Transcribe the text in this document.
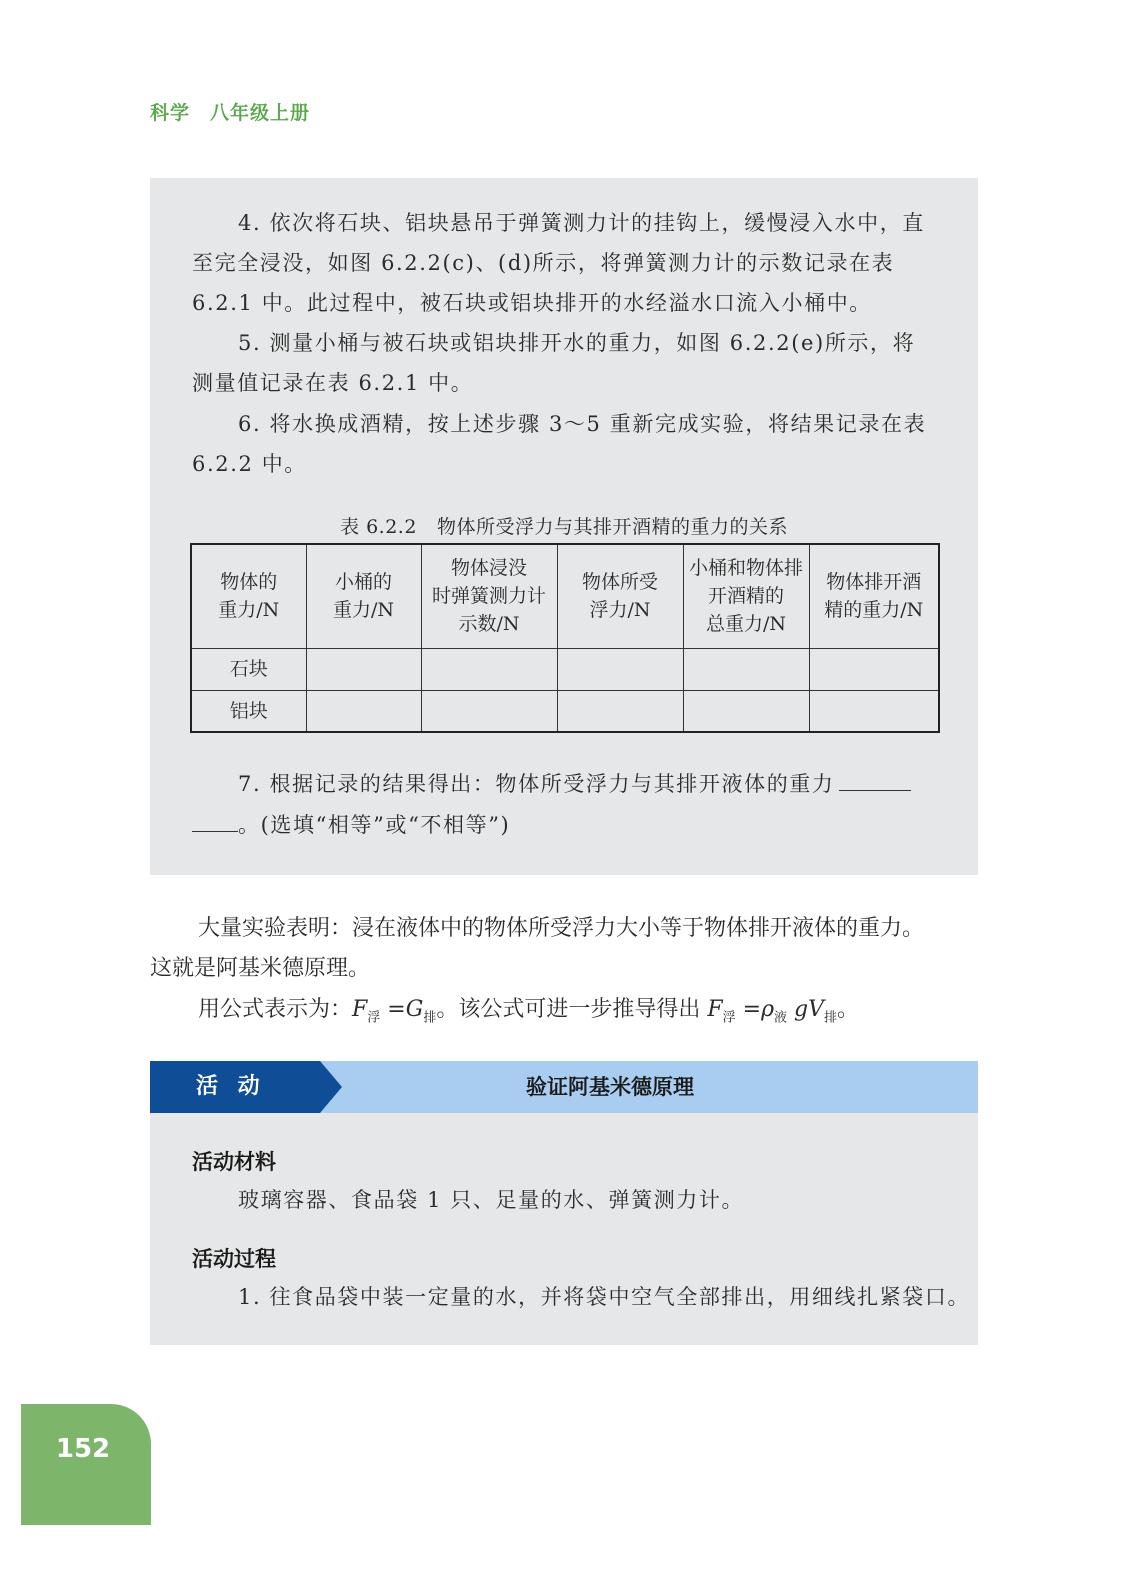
科学 八年级上册
4. 依次将石块、铝块悬吊于弹簧测力计的挂钩上，缓慢浸入水中，直
至完全浸没，如图 6.2.2(c)、(d)所示，将弹簧测力计的示数记录在表
6.2.1 中。此过程中，被石块或铝块排开的水经溢水口流入小桶中。
5. 测量小桶与被石块或铝块排开水的重力，如图 6.2.2(e)所示，将
测量值记录在表 6.2.1 中。
6. 将水换成酒精，按上述步骤 3～5 重新完成实验，将结果记录在表
6.2.2 中。
表 6.2.2 物体所受浮力与其排开酒精的重力的关系
物体的
重力/N	小桶的
重力/N	物体浸没
时弹簧测力计
示数/N	物体所受
浮力/N	小桶和物体排
开酒精的
总重力/N	物体排开酒
精的重力/N
石块					
铝块					
7. 根据记录的结果得出：物体所受浮力与其排开液体的重力
。(选填“相等”或“不相等”)
大量实验表明：浸在液体中的物体所受浮力大小等于物体排开液体的重力。
这就是阿基米德原理。
用公式表示为：$F_浮 =G_排$。该公式可进一步推导得出 $F_浮 =\rho_液$ $gV_排$。
活 动	验证阿基米德原理
活动材料
玻璃容器、食品袋 1 只、足量的水、弹簧测力计。
活动过程
1. 往食品袋中装一定量的水，并将袋中空气全部排出，用细线扎紧袋口。
152
